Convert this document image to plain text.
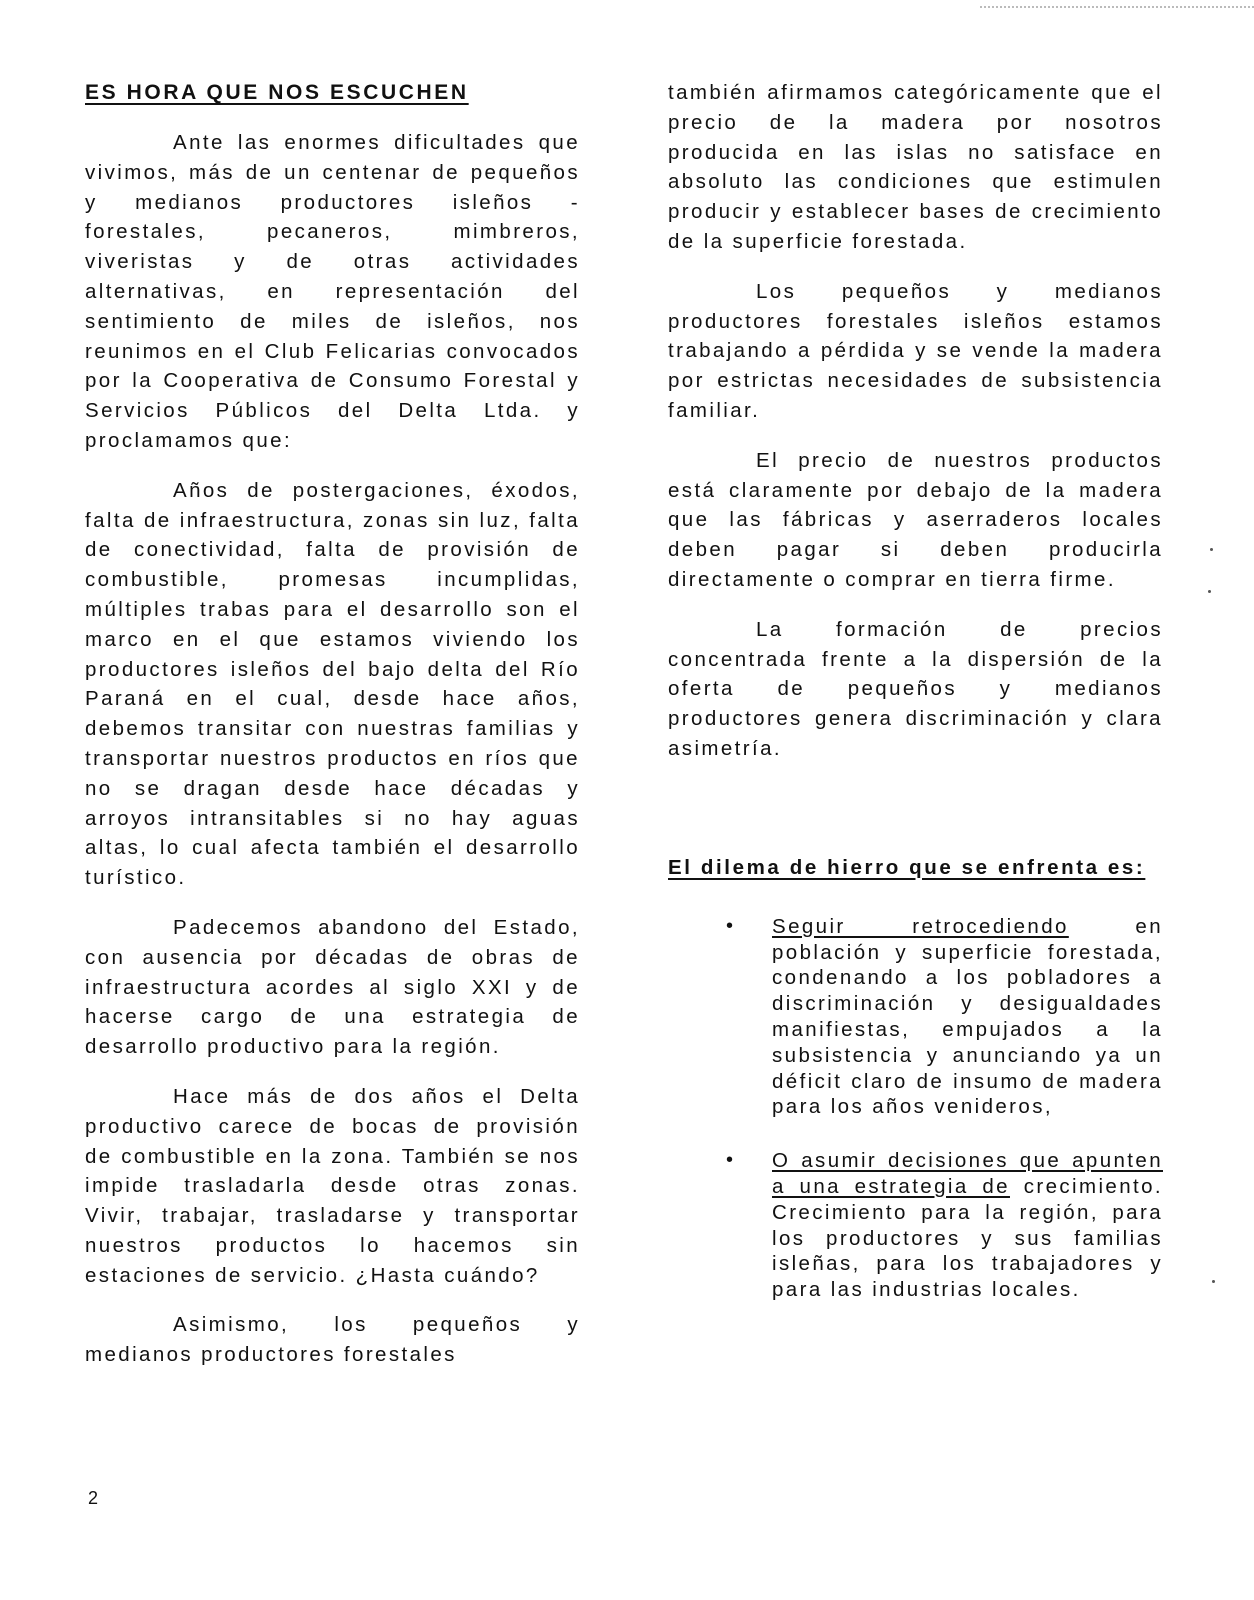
ES HORA QUE NOS ESCUCHEN

Ante las enormes dificultades que vivimos, más de un centenar de pequeños y medianos productores isleños -forestales, pecaneros, mimbreros, viveristas y de otras actividades alternativas, en representación del sentimiento de miles de isleños, nos reunimos en el Club Felicarias convocados por la Cooperativa de Consumo Forestal y Servicios Públicos del Delta Ltda. y proclamamos que:

Años de postergaciones, éxodos, falta de infraestructura, zonas sin luz, falta de conectividad, falta de provisión de combustible, promesas incumplidas, múltiples trabas para el desarrollo son el marco en el que estamos viviendo los productores isleños del bajo delta del Río Paraná en el cual, desde hace años, debemos transitar con nuestras familias y transportar nuestros productos en ríos que no se dragan desde hace décadas y arroyos intransitables si no hay aguas altas, lo cual afecta también el desarrollo turístico.

Padecemos abandono del Estado, con ausencia por décadas de obras de infraestructura acordes al siglo XXI y de hacerse cargo de una estrategia de desarrollo productivo para la región.

Hace más de dos años el Delta productivo carece de bocas de provisión de combustible en la zona. También se nos impide trasladarla desde otras zonas. Vivir, trabajar, trasladarse y transportar nuestros productos lo hacemos sin estaciones de servicio. ¿Hasta cuándo?

Asimismo, los pequeños y medianos productores forestales

también afirmamos categóricamente que el precio de la madera por nosotros producida en las islas no satisface en absoluto las condiciones que estimulen producir y establecer bases de crecimiento de la superficie forestada.

Los pequeños y medianos productores forestales isleños estamos trabajando a pérdida y se vende la madera por estrictas necesidades de subsistencia familiar.

El precio de nuestros productos está claramente por debajo de la madera que las fábricas y aserraderos locales deben pagar si deben producirla directamente o comprar en tierra firme.

La formación de precios concentrada frente a la dispersión de la oferta de pequeños y medianos productores genera discriminación y clara asimetría.

El dilema de hierro que se enfrenta es:
• Seguir retrocediendo en población y superficie forestada, condenando a los pobladores a discriminación y desigualdades manifiestas, empujados a la subsistencia y anunciando ya un déficit claro de insumo de madera para los años venideros,
• O asumir decisiones que apunten a una estrategia de crecimiento. Crecimiento para la región, para los productores y sus familias isleñas, para los trabajadores y para las industrias locales.
2
